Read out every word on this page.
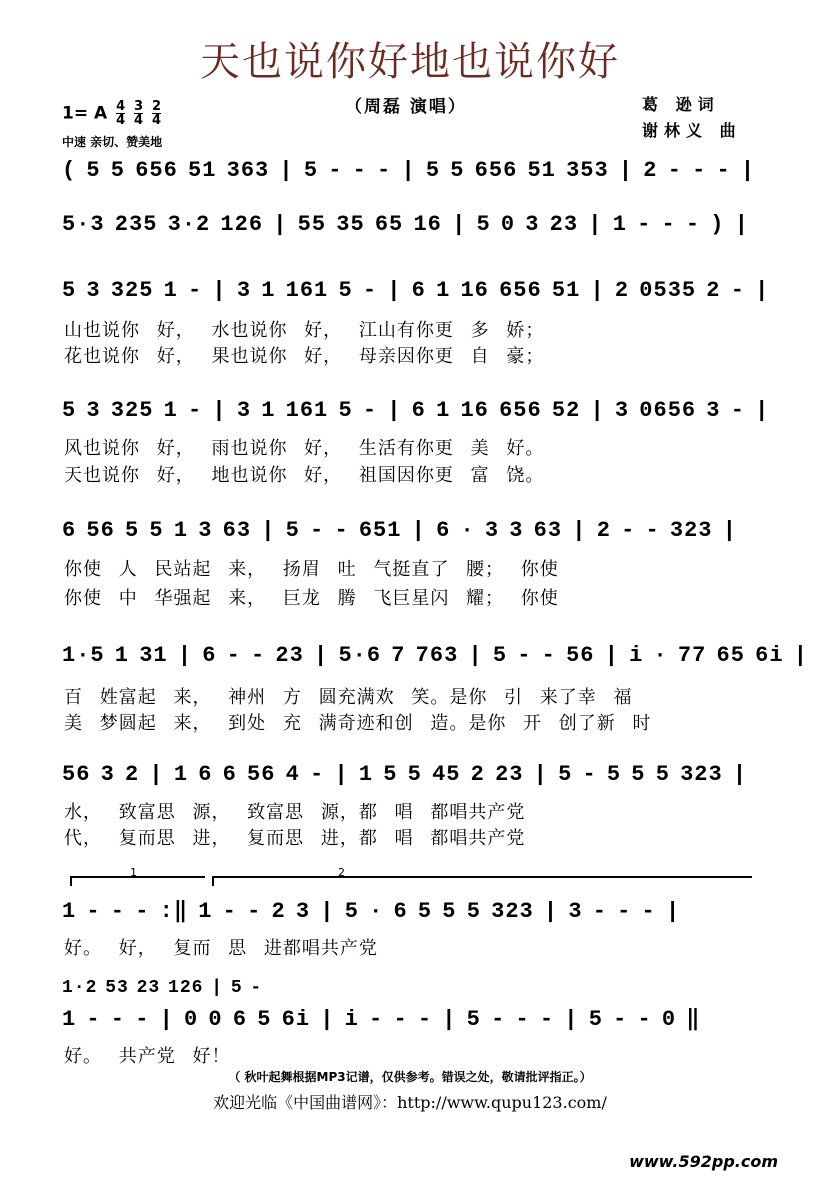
天也说你好地也说你好
（周磊 演唱）	葛 逊词
谢林义 曲
1= A $\frac{4}{4} \frac{3}{4} \frac{2}{4}$
中速 亲切、赞美地
( 5 5 656 51 363 | 5 - - - | 5 5 656 51 353 | 2 - - - |
5·3 235 3·2 126 | 55 35 65 16 | 5 0 3 23 | 1 - - - ) |
5 3 325 1 - | 3 1 161 5 - | 6 1 16 656 51 | 2 0535 2 - |
山也说你 好， 水也说你 好， 江山有你更 多 娇；
花也说你 好， 果也说你 好， 母亲因你更 自 豪；
5 3 325 1 - | 3 1 161 5 - | 6 1 16 656 52 | 3 0656 3 - |
风也说你 好， 雨也说你 好， 生活有你更 美 好。
天也说你 好， 地也说你 好， 祖国因你更 富 饶。
6 56 5 5 1 3 63 | 5 - - 651 | 6 · 3 3 63 | 2 - - 323 |
你使 人 民站起 来， 扬眉 吐 气挺直了 腰； 你使
你使 中 华强起 来， 巨龙 腾 飞巨星闪 耀； 你使
1·5 1 31 | 6 - - 23 | 5·6 7 763 | 5 - - 56 | i · 77 65 6i |
百 姓富起 来， 神州 方 圆充满欢 笑。是你 引 来了幸 福
美 梦圆起 来， 到处 充 满奇迹和创 造。是你 开 创了新 时
56 3 2 | 1 6 6 56 4 - | 1 5 5 45 2 23 | 5 - 5 5 5 323 |
水， 致富思 源， 致富思 源，都 唱 都唱共产党
代， 复而思 进， 复而思 进，都 唱 都唱共产党
1	2
1 - - - :‖ 1 - - 2 3 | 5 · 6 5 5 5 323 | 3 - - - |
好。 好， 复而 思 进都唱共产党
1·2 53 23 126 | 5 -
1 - - - | 0 0 6 5 6i | i - - - | 5 - - - | 5 - - 0 ‖
好。 共产党 好！
（ 秋叶起舞根据MP3记谱，仅供参考。错误之处，敬请批评指正。）
欢迎光临《中国曲谱网》：http://www.qupu123.com/
www.592pp.com
